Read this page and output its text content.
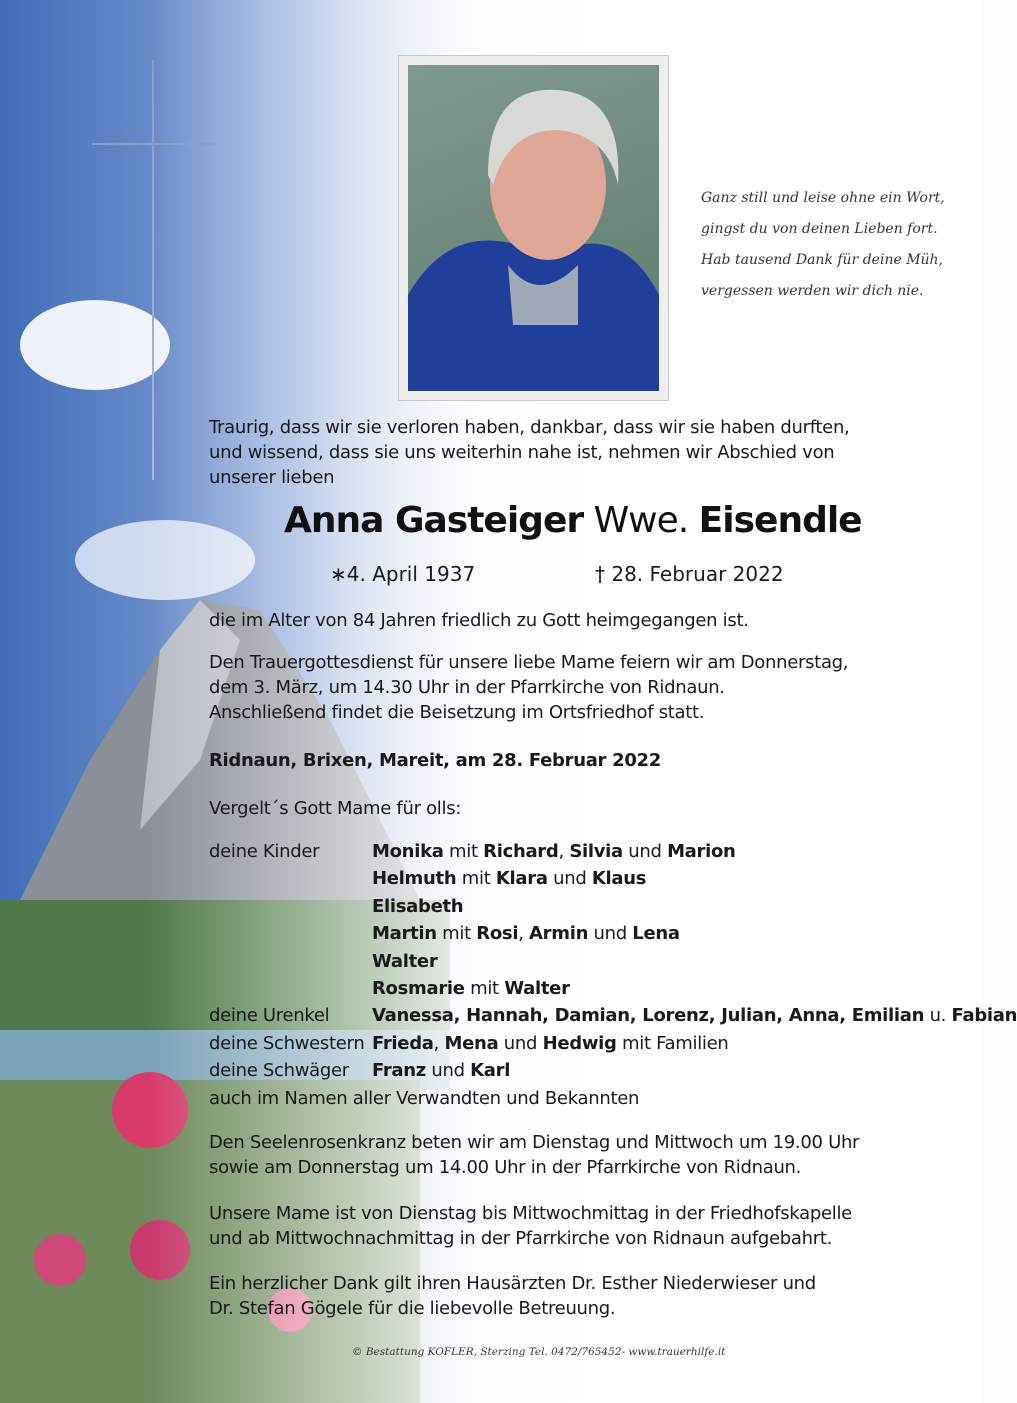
Ganz still und leise ohne ein Wort,
gingst du von deinen Lieben fort.
Hab tausend Dank für deine Müh,
vergessen werden wir dich nie.
Traurig, dass wir sie verloren haben, dankbar, dass wir sie haben durften,
und wissend, dass sie uns weiterhin nahe ist, nehmen wir Abschied von
unserer lieben
Anna Gasteiger Wwe. Eisendle
∗4. April 1937	† 28. Februar 2022
die im Alter von 84 Jahren friedlich zu Gott heimgegangen ist.
Den Trauergottesdienst für unsere liebe Mame feiern wir am Donnerstag,
dem 3. März, um 14.30 Uhr in der Pfarrkirche von Ridnaun.
Anschließend findet die Beisetzung im Ortsfriedhof statt.
Ridnaun, Brixen, Mareit, am 28. Februar 2022
Vergelt´s Gott Mame für olls:
deine Kinder	Monika mit Richard, Silvia und Marion
Helmuth mit Klara und Klaus
Elisabeth
Martin mit Rosi, Armin und Lena
Walter
Rosmarie mit Walter
deine Urenkel	Vanessa, Hannah, Damian, Lorenz, Julian, Anna, Emilian u. Fabian
deine Schwestern Frieda, Mena und Hedwig mit Familien
deine Schwäger	Franz und Karl
auch im Namen aller Verwandten und Bekannten
Den Seelenrosenkranz beten wir am Dienstag und Mittwoch um 19.00 Uhr
sowie am Donnerstag um 14.00 Uhr in der Pfarrkirche von Ridnaun.
Unsere Mame ist von Dienstag bis Mittwochmittag in der Friedhofskapelle
und ab Mittwochnachmittag in der Pfarrkirche von Ridnaun aufgebahrt.
Ein herzlicher Dank gilt ihren Hausärzten Dr. Esther Niederwieser und
Dr. Stefan Gögele für die liebevolle Betreuung.
© Bestattung KOFLER, Sterzing Tel. 0472/765452- www.trauerhilfe.it
